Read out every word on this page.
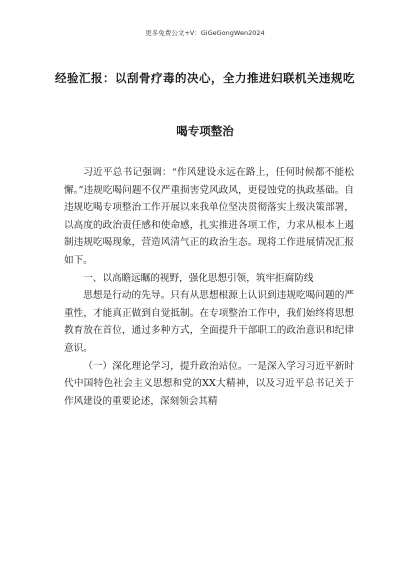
更多免费公文+V：GiGeGongWen2024
经验汇报：以刮骨疗毒的决心，全力推进妇联机关违规吃
喝专项整治

习近平总书记强调：“作风建设永远在路上，任何时候都不能松懈。”违规吃喝问题不仅严重损害党风政风，更侵蚀党的执政基础。自违规吃喝专项整治工作开展以来我单位坚决贯彻落实上级决策部署，以高度的政治责任感和使命感，扎实推进各项工作，力求从根本上遏制违规吃喝现象，营造风清气正的政治生态。现将工作进展情况汇报如下。

一、以高瞻远瞩的视野，强化思想引领，筑牢拒腐防线

思想是行动的先导。只有从思想根源上认识到违规吃喝问题的严重性，才能真正做到自觉抵制。在专项整治工作中，我们始终将思想教育放在首位，通过多种方式，全面提升干部职工的政治意识和纪律意识。

（一）深化理论学习，提升政治站位。一是深入学习习近平新时代中国特色社会主义思想和党的XX大精神，以及习近平总书记关于作风建设的重要论述，深刻领会其精
